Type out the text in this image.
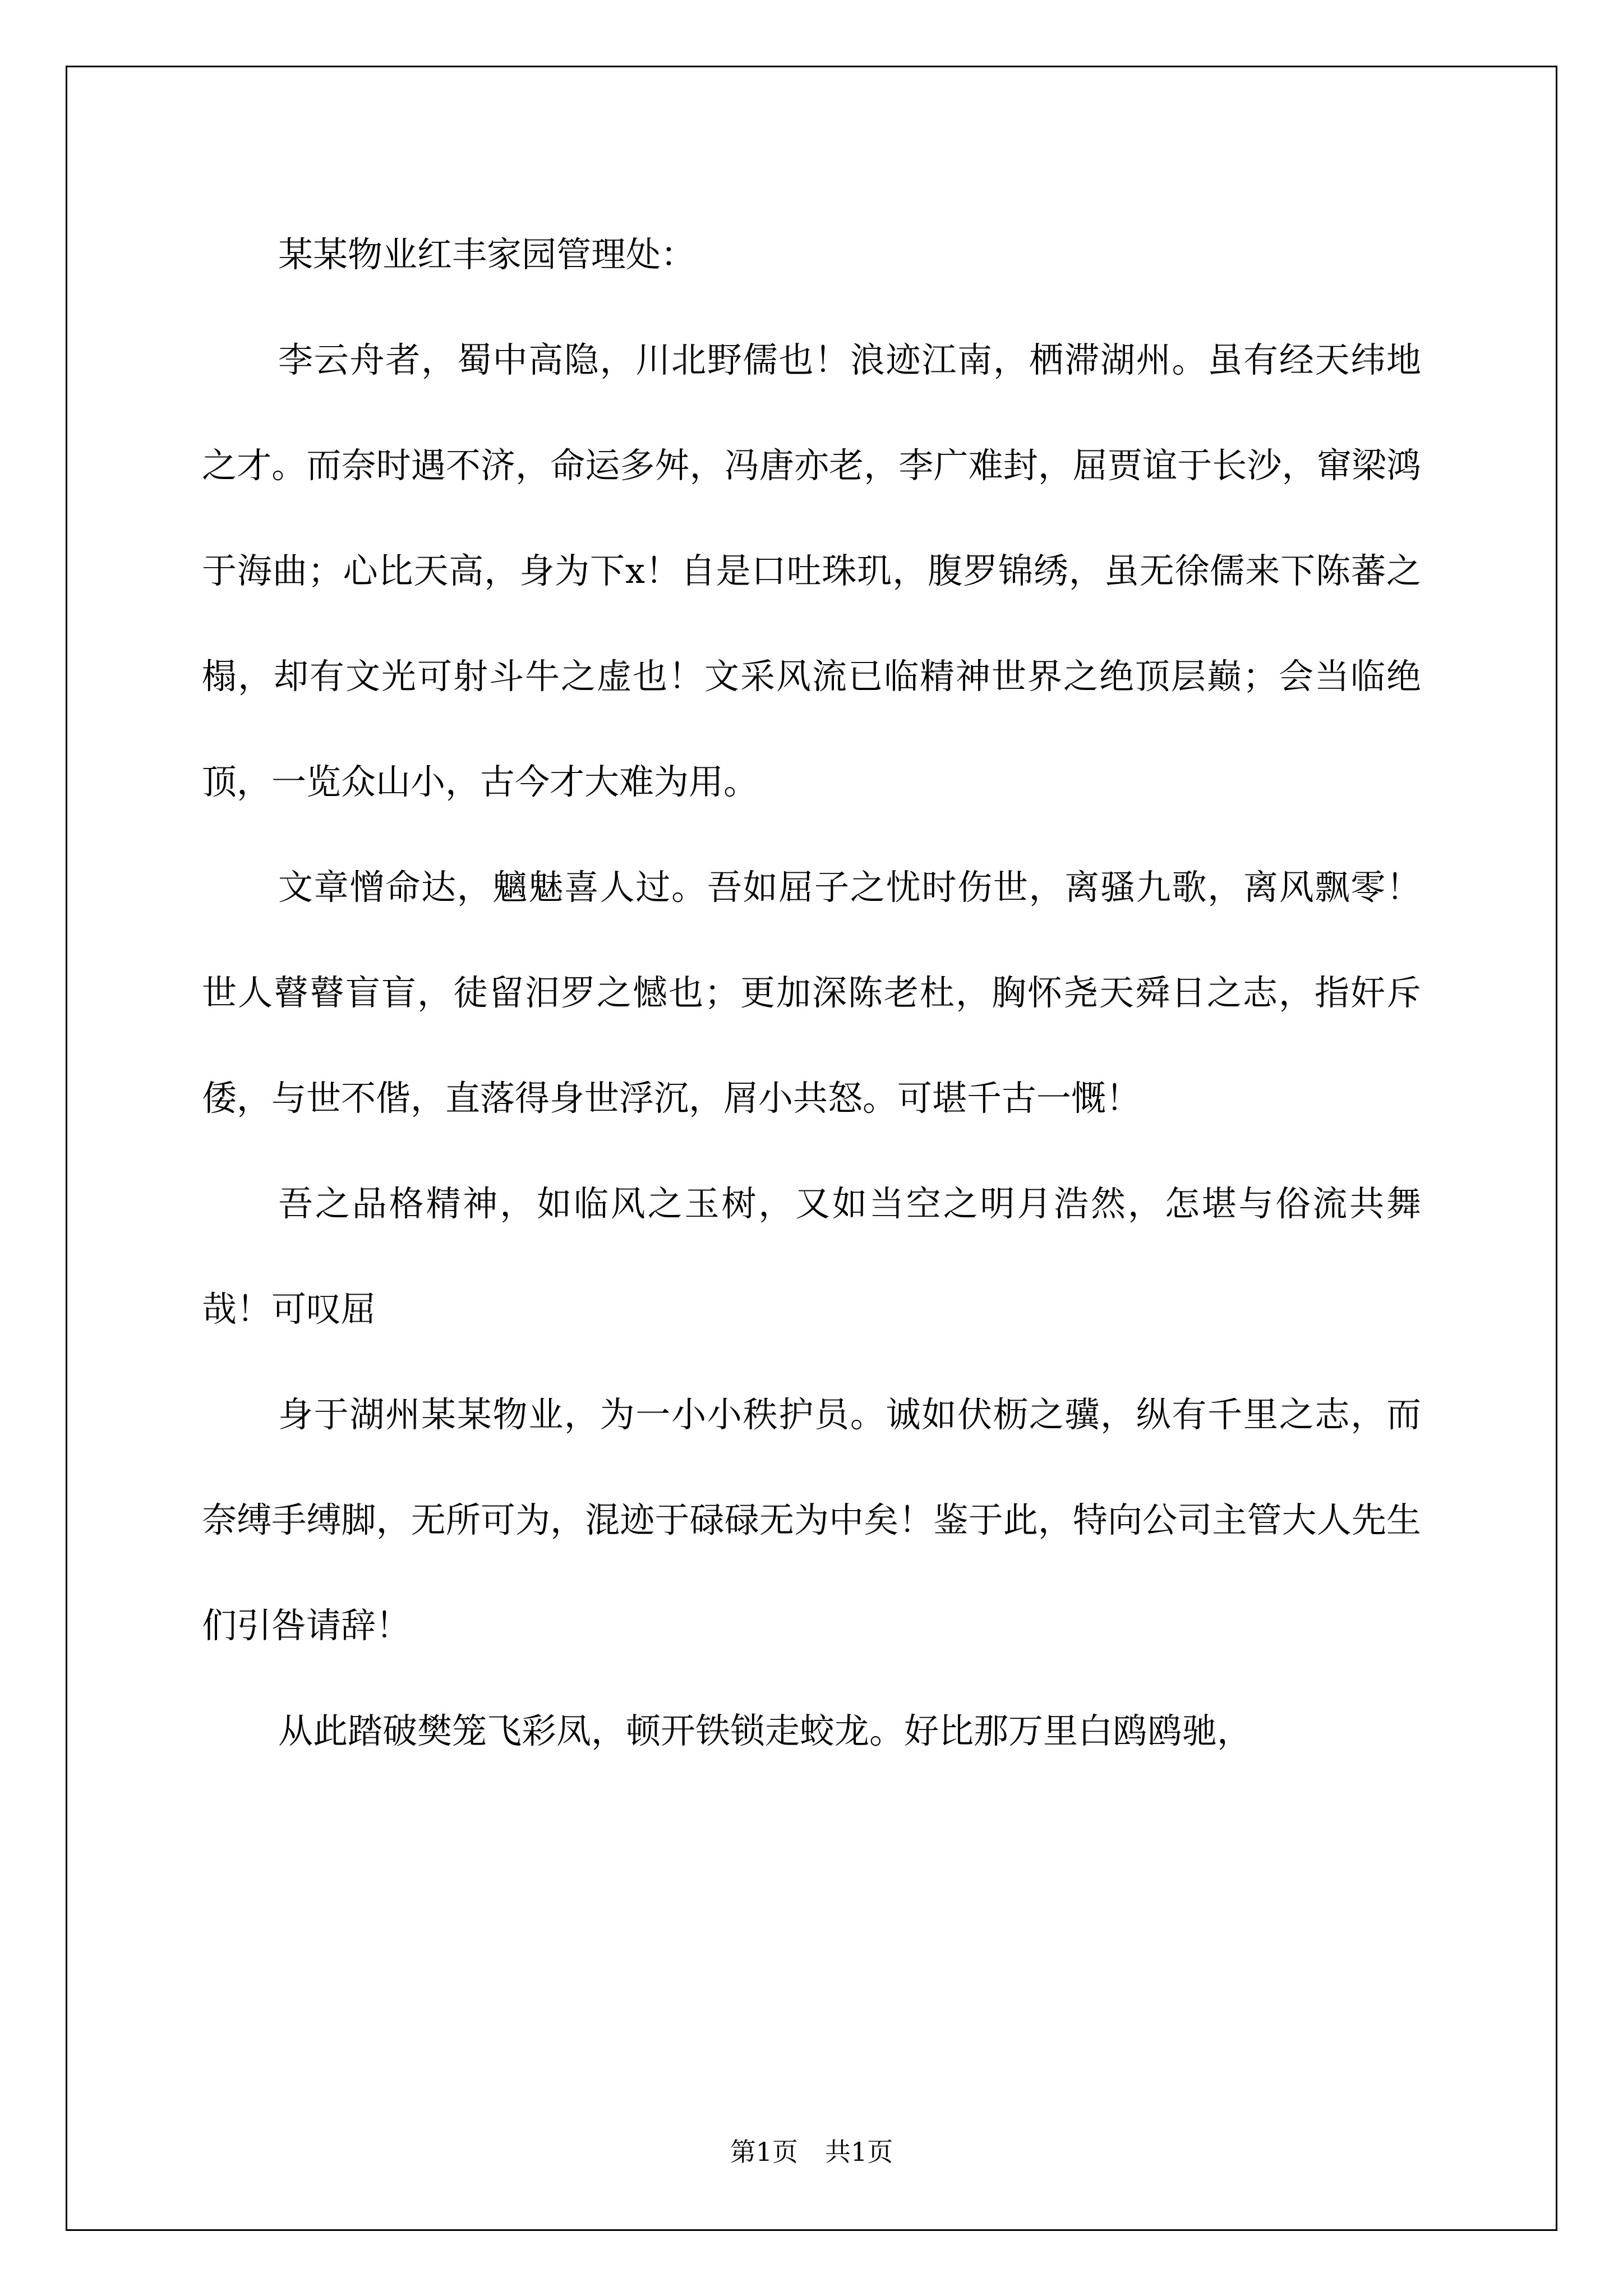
某某物业红丰家园管理处：

李云舟者，蜀中高隐，川北野儒也！浪迹江南，栖滞湖州。虽有经天纬地之才。而奈时遇不济，命运多舛，冯唐亦老，李广难封，屈贾谊于长沙，窜梁鸿于海曲；心比天高，身为下x！自是口吐珠玑，腹罗锦绣，虽无徐儒来下陈蕃之榻，却有文光可射斗牛之虚也！文采风流已临精神世界之绝顶层巅；会当临绝顶，一览众山小，古今才大难为用。

文章憎命达，魑魅喜人过。吾如屈子之忧时伤世，离骚九歌，离风飘零！世人瞽瞽盲盲，徒留汨罗之憾也；更加深陈老杜，胸怀尧天舜日之志，指奸斥倭，与世不偕，直落得身世浮沉，屑小共怒。可堪千古一慨！

吾之品格精神，如临风之玉树，又如当空之明月浩然，怎堪与俗流共舞哉！可叹屈

身于湖州某某物业，为一小小秩护员。诚如伏枥之骥，纵有千里之志，而奈缚手缚脚，无所可为，混迹于碌碌无为中矣！鉴于此，特向公司主管大人先生们引咎请辞！

从此踏破樊笼飞彩凤，顿开铁锁走蛟龙。好比那万里白鸥鸥驰，

第1页 共1页
